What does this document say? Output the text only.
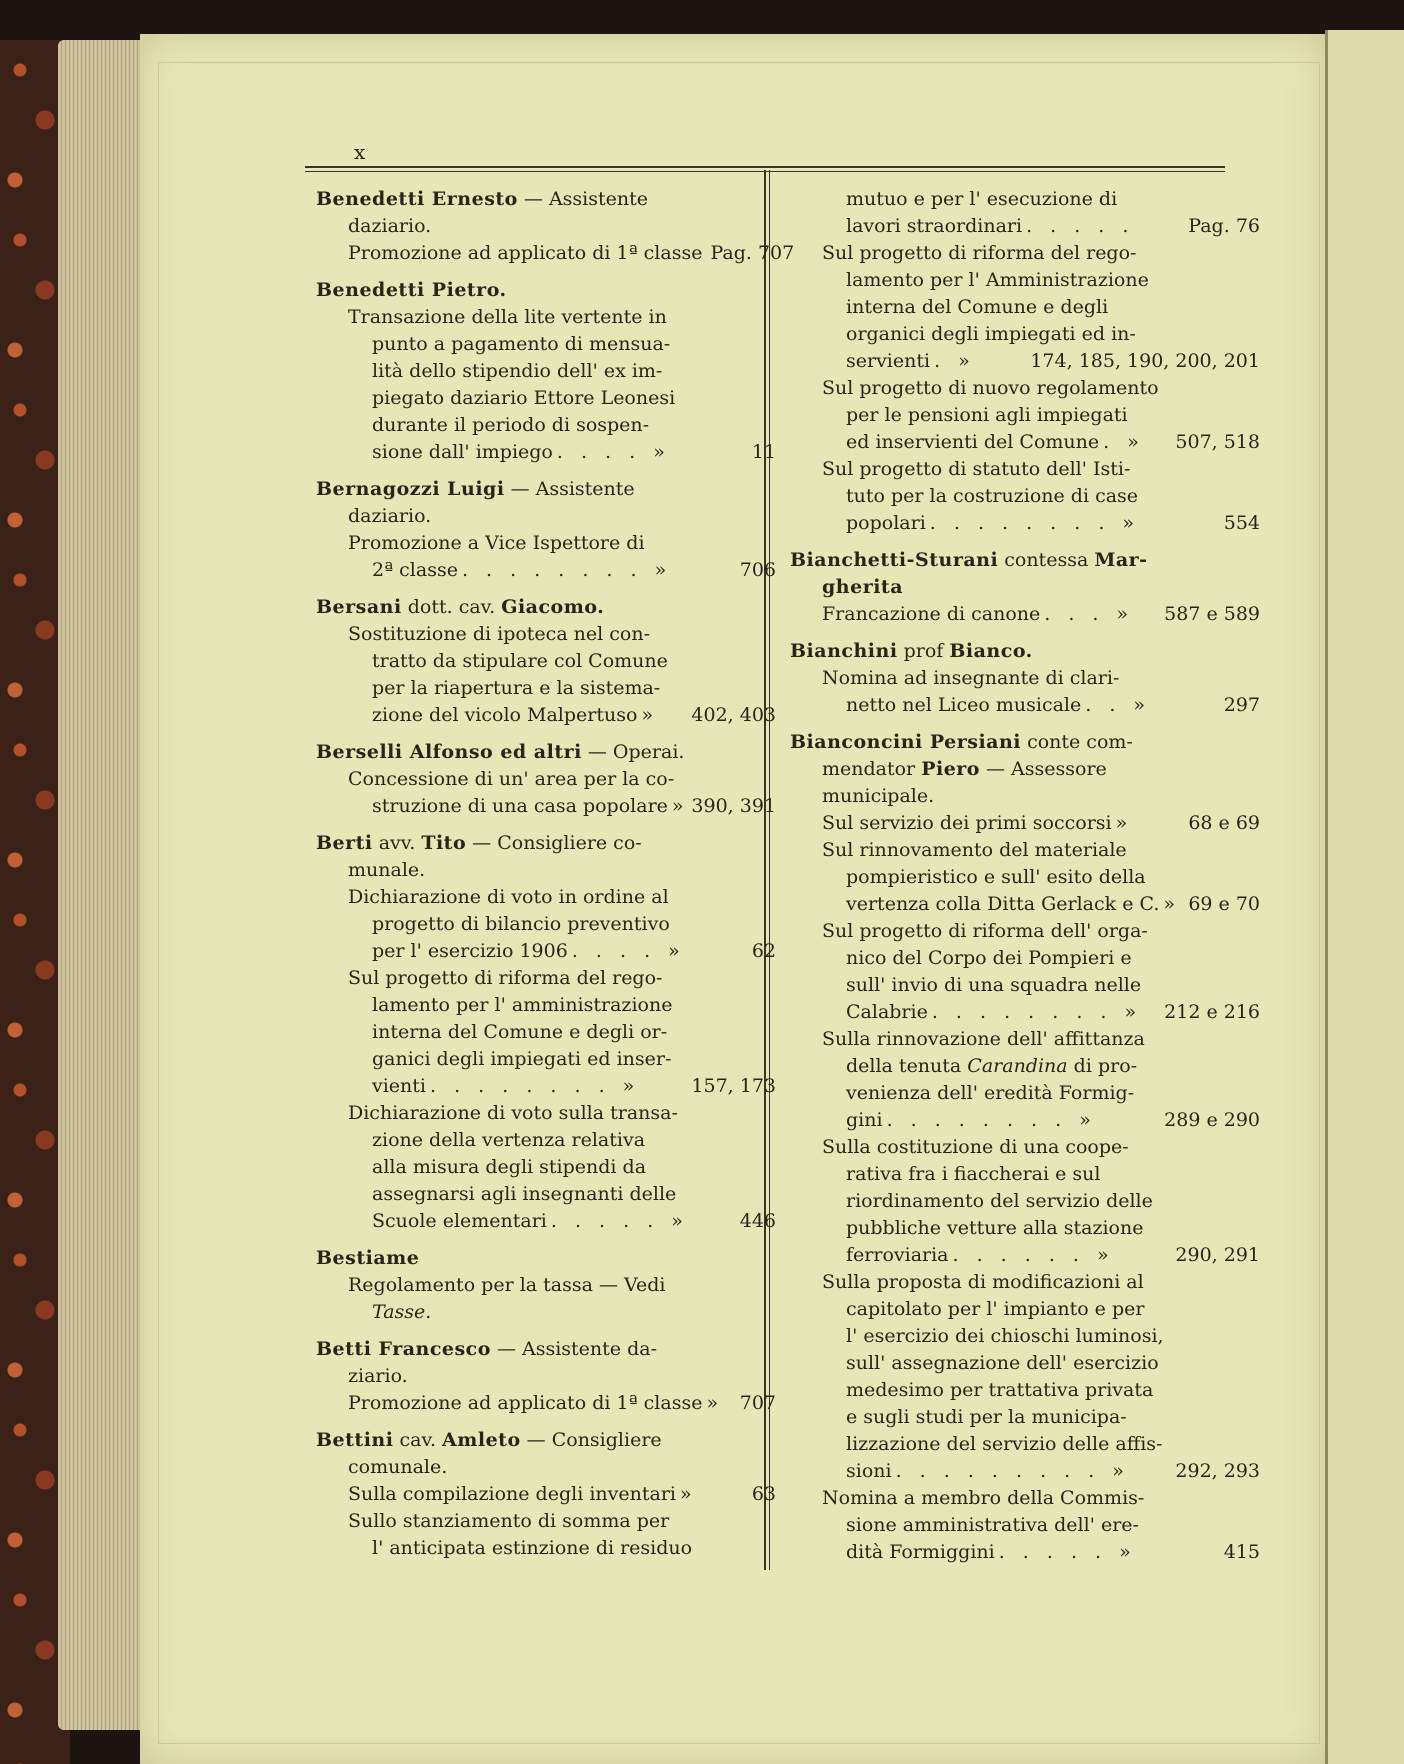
x
Benedetti Ernesto — Assistente
daziario.
Promozione ad applicato di 1ª classe Pag. 707
Benedetti Pietro.
Transazione della lite vertente in
punto a pagamento di mensua-
lità dello stipendio dell' ex im-
piegato daziario Ettore Leonesi
durante il periodo di sospen-
sione dall' impiego . . . . »	11
Bernagozzi Luigi — Assistente
daziario.
Promozione a Vice Ispettore di
2ª classe . . . . . . . . »	706
Bersani dott. cav. Giacomo.
Sostituzione di ipoteca nel con-
tratto da stipulare col Comune
per la riapertura e la sistema-
zione del vicolo Malpertuso »	402, 403
Berselli Alfonso ed altri — Operai.
Concessione di un' area per la co-
struzione di una casa popolare » 390, 391
Berti avv. Tito — Consigliere co-
munale.
Dichiarazione di voto in ordine al
progetto di bilancio preventivo
per l' esercizio 1906 . . . . »	62
Sul progetto di riforma del rego-
lamento per l' amministrazione
interna del Comune e degli or-
ganici degli impiegati ed inser-
vienti . . . . . . . . »	157, 173
Dichiarazione di voto sulla transa-
zione della vertenza relativa
alla misura degli stipendi da
assegnarsi agli insegnanti delle
Scuole elementari . . . . . »	446
Bestiame
Regolamento per la tassa — Vedi
Tasse.
Betti Francesco — Assistente da-
ziario.
Promozione ad applicato di 1ª classe » 707
Bettini cav. Amleto — Consigliere
comunale.
Sulla compilazione degli inventari »	63
Sullo stanziamento di somma per
l' anticipata estinzione di residuo
mutuo e per l' esecuzione di
lavori straordinari . . . . .	Pag. 76
Sul progetto di riforma del rego-
lamento per l' Amministrazione
interna del Comune e degli
organici degli impiegati ed in-
servienti . »	174, 185, 190, 200, 201
Sul progetto di nuovo regolamento
per le pensioni agli impiegati
ed inservienti del Comune . »	507, 518
Sul progetto di statuto dell' Isti-
tuto per la costruzione di case
popolari . . . . . . . . »	554
Bianchetti-Sturani contessa Mar-
gherita
Francazione di canone . . . »	587 e 589
Bianchini prof Bianco.
Nomina ad insegnante di clari-
netto nel Liceo musicale . . »	297
Bianconcini Persiani conte com-
mendator Piero — Assessore
municipale.
Sul servizio dei primi soccorsi »	68 e 69
Sul rinnovamento del materiale
pompieristico e sull' esito della
vertenza colla Ditta Gerlack e C. » 69 e 70
Sul progetto di riforma dell' orga-
nico del Corpo dei Pompieri e
sull' invio di una squadra nelle
Calabrie . . . . . . . . »	212 e 216
Sulla rinnovazione dell' affittanza
della tenuta Carandina di pro-
venienza dell' eredità Formig-
gini . . . . . . . . »	289 e 290
Sulla costituzione di una coope-
rativa fra i fiaccherai e sul
riordinamento del servizio delle
pubbliche vetture alla stazione
ferroviaria . . . . . . »	290, 291
Sulla proposta di modificazioni al
capitolato per l' impianto e per
l' esercizio dei chioschi luminosi,
sull' assegnazione dell' esercizio
medesimo per trattativa privata
e sugli studi per la municipa-
lizzazione del servizio delle affis-
sioni . . . . . . . . . »	292, 293
Nomina a membro della Commis-
sione amministrativa dell' ere-
dità Formiggini . . . . . »	415
